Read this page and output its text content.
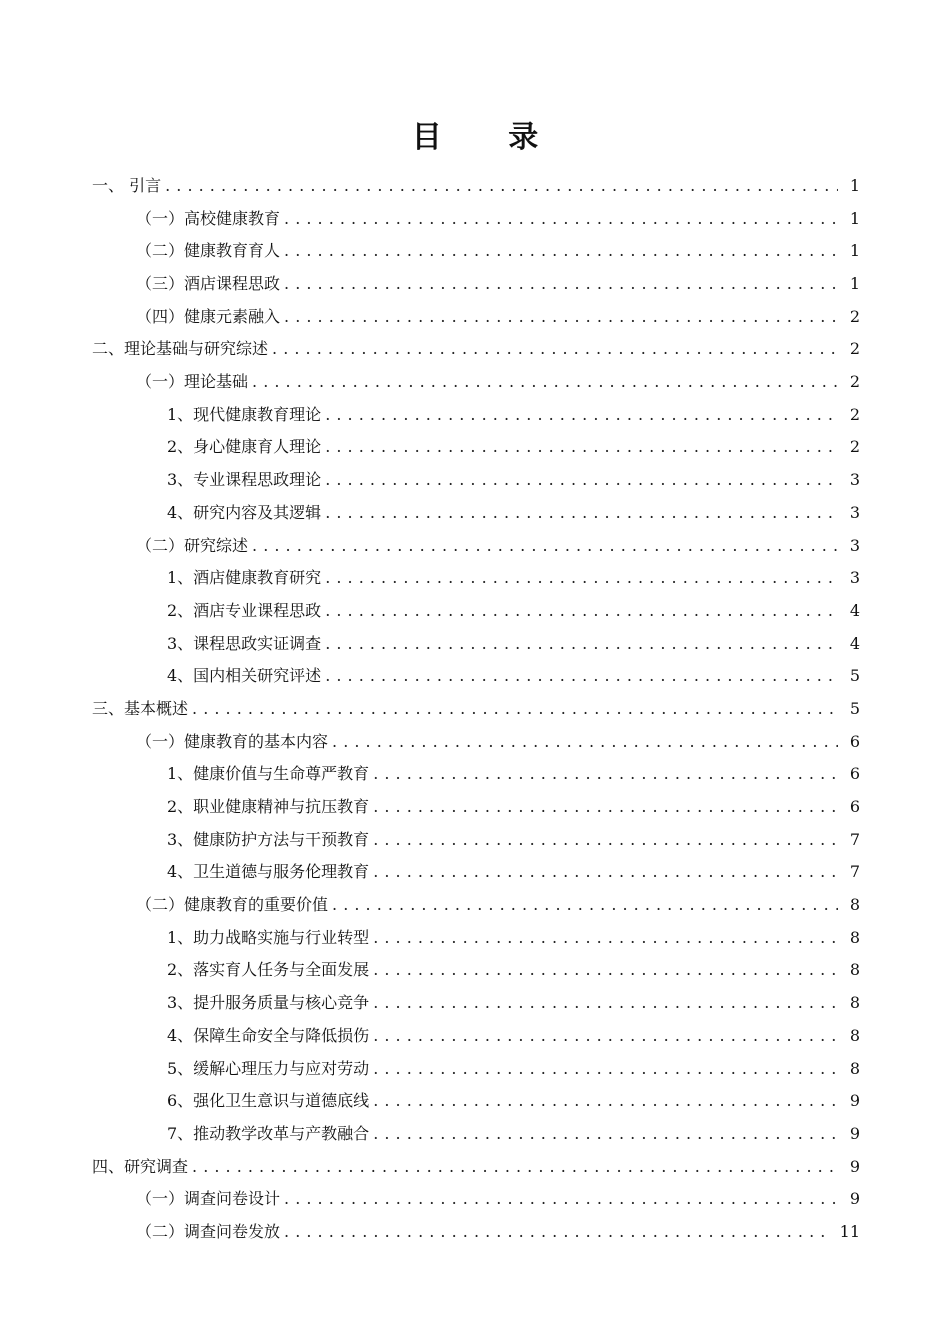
目 录
一、 引言 . . .	1
（一）高校健康教育 . . .	1
（二）健康教育育人 . . .	1
（三）酒店课程思政 . . .	1
（四）健康元素融入 . . .	2
二、理论基础与研究综述 . . .	2
（一）理论基础 . . .	2
1、现代健康教育理论 . . .	2
2、身心健康育人理论 . . .	2
3、专业课程思政理论 . . .	3
4、研究内容及其逻辑 . . .	3
（二）研究综述 . . .	3
1、酒店健康教育研究 . . .	3
2、酒店专业课程思政 . . .	4
3、课程思政实证调查 . . .	4
4、国内相关研究评述 . . .	5
三、基本概述 . . .	5
（一）健康教育的基本内容 . . .	6
1、健康价值与生命尊严教育 . . .	6
2、职业健康精神与抗压教育 . . .	6
3、健康防护方法与干预教育 . . .	7
4、卫生道德与服务伦理教育 . . .	7
（二）健康教育的重要价值 . . .	8
1、助力战略实施与行业转型 . . .	8
2、落实育人任务与全面发展 . . .	8
3、提升服务质量与核心竞争 . . .	8
4、保障生命安全与降低损伤 . . .	8
5、缓解心理压力与应对劳动 . . .	8
6、强化卫生意识与道德底线 . . .	9
7、推动教学改革与产教融合 . . .	9
四、研究调查 . . .	9
（一）调查问卷设计 . . .	9
（二）调查问卷发放 . . .	11
